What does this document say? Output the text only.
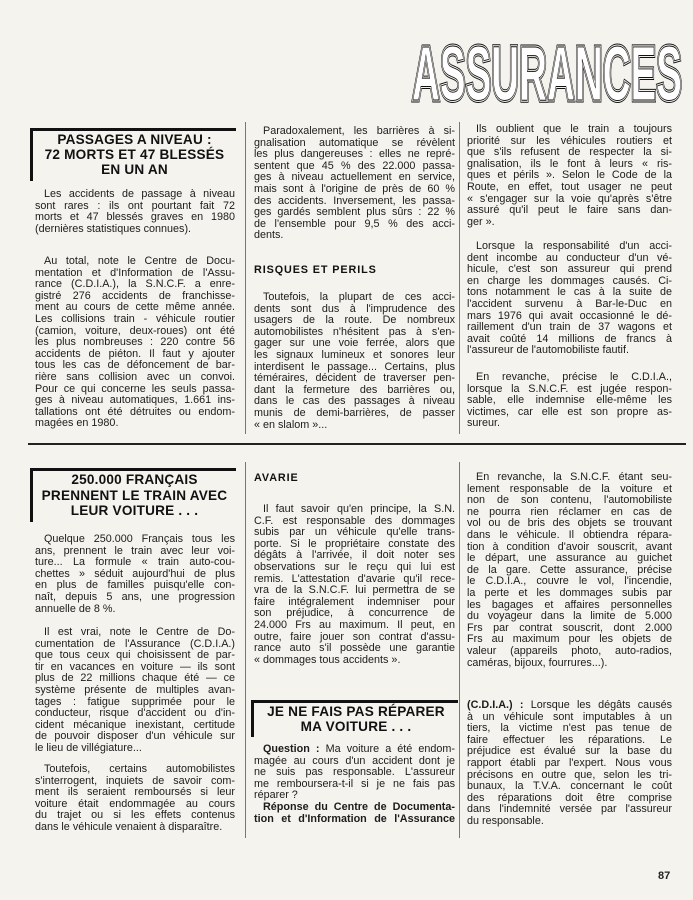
ASSURANCES
PASSAGES A NIVEAU :
72 MORTS ET 47 BLESSÉS
EN UN AN
Les accidents de passage à niveau
sont rares : ils ont pourtant fait 72
morts et 47 blessés graves en 1980
(dernières statistiques connues).
Au total, note le Centre de Docu-
mentation et d'Information de l'Assu-
rance (C.D.I.A.), la S.N.C.F. a enre-
gistré 276 accidents de franchisse-
ment au cours de cette même année.
Les collisions train - véhicule routier
(camion, voiture, deux-roues) ont été
les plus nombreuses : 220 contre 56
accidents de piéton. Il faut y ajouter
tous les cas de défoncement de bar-
rière sans collision avec un convoi.
Pour ce qui concerne les seuls passa-
ges à niveau automatiques, 1.661 ins-
tallations ont été détruites ou endom-
magées en 1980.
Paradoxalement, les barrières à si-
gnalisation automatique se révèlent
les plus dangereuses : elles ne repré-
sentent que 45 % des 22.000 passa-
ges à niveau actuellement en service,
mais sont à l'origine de près de 60 %
des accidents. Inversement, les passa-
ges gardés semblent plus sûrs : 22 %
de l'ensemble pour 9,5 % des acci-
dents.
RISQUES ET PERILS
Toutefois, la plupart de ces acci-
dents sont dus à l'imprudence des
usagers de la route. De nombreux
automobilistes n'hésitent pas à s'en-
gager sur une voie ferrée, alors que
les signaux lumineux et sonores leur
interdisent le passage... Certains, plus
téméraires, décident de traverser pen-
dant la fermeture des barrières ou,
dans le cas des passages à niveau
munis de demi-barrières, de passer
« en slalom »...
Ils oublient que le train a toujours
priorité sur les véhicules routiers et
que s'ils refusent de respecter la si-
gnalisation, ils le font à leurs « ris-
ques et périls ». Selon le Code de la
Route, en effet, tout usager ne peut
« s'engager sur la voie qu'après s'être
assuré qu'il peut le faire sans dan-
ger ».
Lorsque la responsabilité d'un acci-
dent incombe au conducteur d'un vé-
hicule, c'est son assureur qui prend
en charge les dommages causés. Ci-
tons notamment le cas à la suite de
l'accident survenu à Bar-le-Duc en
mars 1976 qui avait occasionné le dé-
raillement d'un train de 37 wagons et
avait coûté 14 millions de francs à
l'assureur de l'automobiliste fautif.
En revanche, précise le C.D.I.A.,
lorsque la S.N.C.F. est jugée respon-
sable, elle indemnise elle-même les
victimes, car elle est son propre as-
sureur.
250.000 FRANÇAIS
PRENNENT LE TRAIN AVEC
LEUR VOITURE . . .
Quelque 250.000 Français tous les
ans, prennent le train avec leur voi-
ture... La formule « train auto-cou-
chettes » séduit aujourd'hui de plus
en plus de familles puisqu'elle con-
naît, depuis 5 ans, une progression
annuelle de 8 %.
Il est vrai, note le Centre de Do-
cumentation de l'Assurance (C.D.I.A.)
que tous ceux qui choisissent de par-
tir en vacances en voiture — ils sont
plus de 22 millions chaque été — ce
système présente de multiples avan-
tages : fatigue supprimée pour le
conducteur, risque d'accident ou d'in-
cident mécanique inexistant, certitude
de pouvoir disposer d'un véhicule sur
le lieu de villégiature...
Toutefois, certains automobilistes
s'interrogent, inquiets de savoir com-
ment ils seraient remboursés si leur
voiture était endommagée au cours
du trajet ou si les effets contenus
dans le véhicule venaient à disparaître.
AVARIE
Il faut savoir qu'en principe, la S.N.
C.F. est responsable des dommages
subis par un véhicule qu'elle trans-
porte. Si le propriétaire constate des
dégâts à l'arrivée, il doit noter ses
observations sur le reçu qui lui est
remis. L'attestation d'avarie qu'il rece-
vra de la S.N.C.F. lui permettra de se
faire intégralement indemniser pour
son préjudice, à concurrence de
24.000 Frs au maximum. Il peut, en
outre, faire jouer son contrat d'assu-
rance auto s'il possède une garantie
« dommages tous accidents ».
En revanche, la S.N.C.F. étant seu-
lement responsable de la voiture et
non de son contenu, l'automobiliste
ne pourra rien réclamer en cas de
vol ou de bris des objets se trouvant
dans le véhicule. Il obtiendra répara-
tion à condition d'avoir souscrit, avant
le départ, une assurance au guichet
de la gare. Cette assurance, précise
le C.D.I.A., couvre le vol, l'incendie,
la perte et les dommages subis par
les bagages et affaires personnelles
du voyageur dans la limite de 5.000
Frs par contrat souscrit, dont 2.000
Frs au maximum pour les objets de
valeur (appareils photo, auto-radios,
caméras, bijoux, fourrures...).
JE NE FAIS PAS RÉPARER
MA VOITURE . . .
Question : Ma voiture a été endom-
magée au cours d'un accident dont je
ne suis pas responsable. L'assureur
me remboursera-t-il si je ne fais pas
réparer ?
Réponse du Centre de Documenta-
tion et d'Information de l'Assurance
(C.D.I.A.) : Lorsque les dégâts causés
à un véhicule sont imputables à un
tiers, la victime n'est pas tenue de
faire effectuer les réparations. Le
préjudice est évalué sur la base du
rapport établi par l'expert. Nous vous
précisons en outre que, selon les tri-
bunaux, la T.V.A. concernant le coût
des réparations doit être comprise
dans l'indemnité versée par l'assureur
du responsable.
87
